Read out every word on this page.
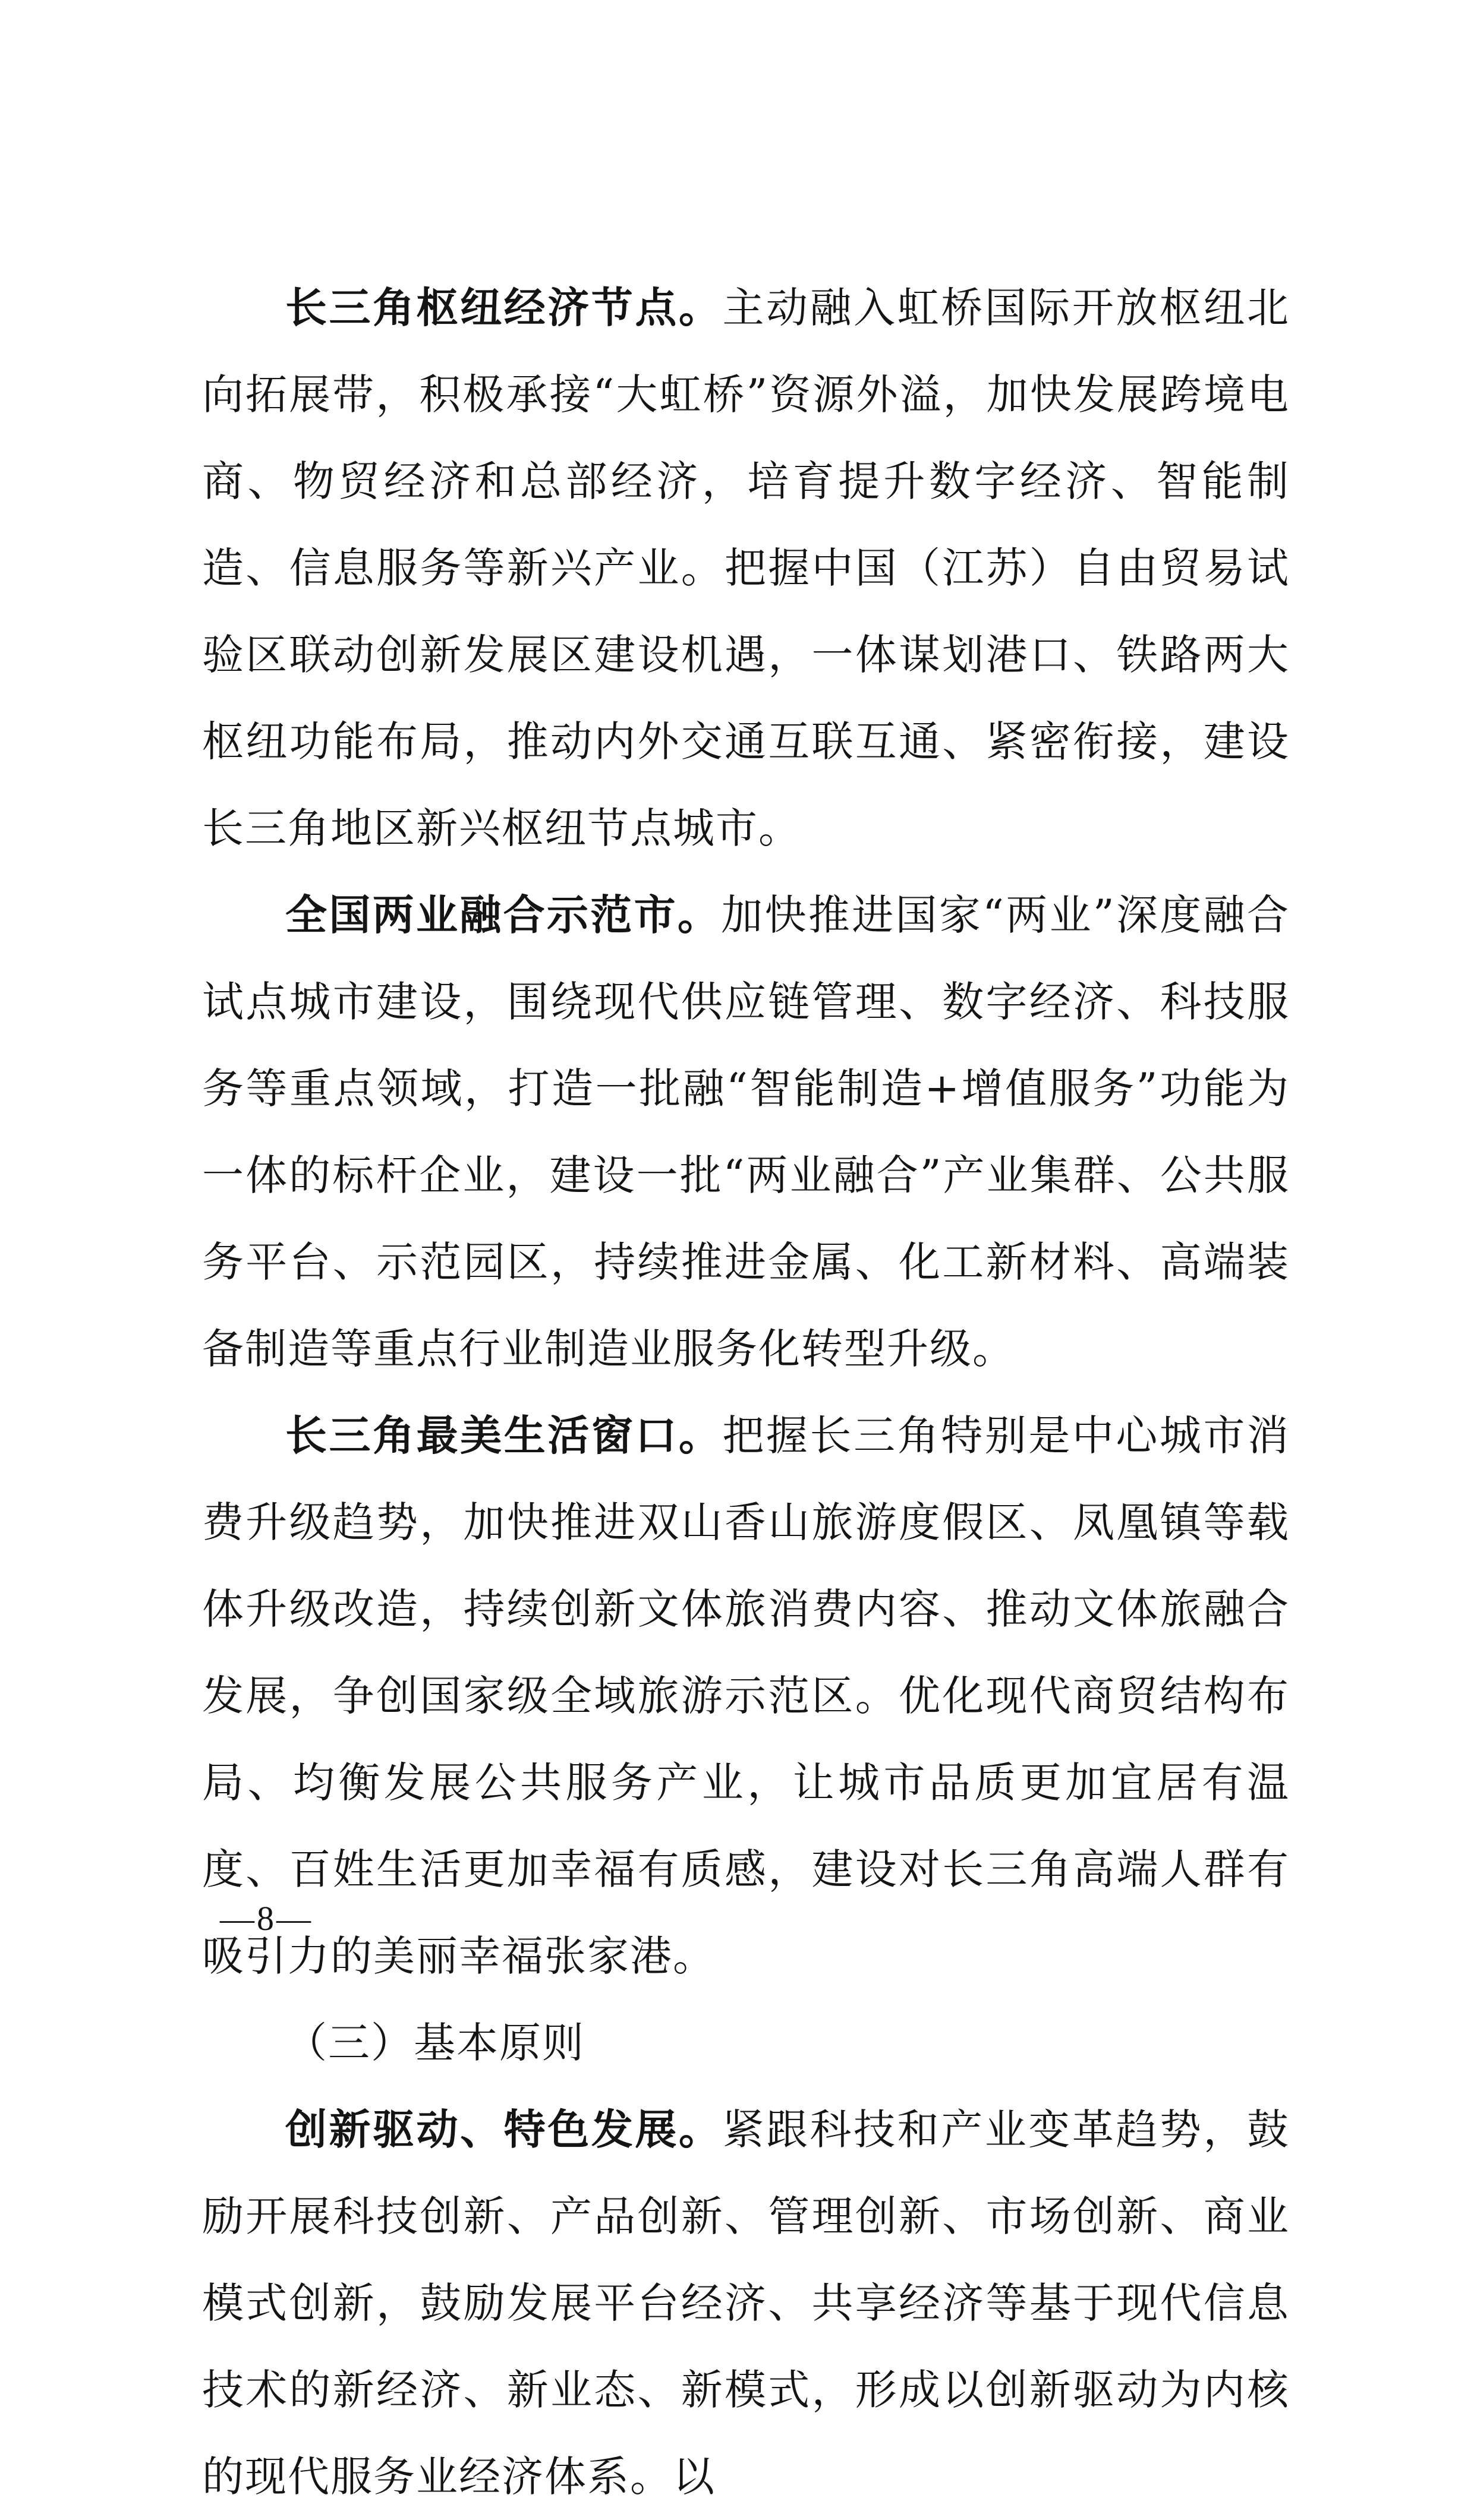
长三角枢纽经济节点。主动融入虹桥国际开放枢纽北向拓展带，积极承接“大虹桥”资源外溢，加快发展跨境电商、物贸经济和总部经济，培育提升数字经济、智能制造、信息服务等新兴产业。把握中国（江苏）自由贸易试验区联动创新发展区建设机遇，一体谋划港口、铁路两大枢纽功能布局，推动内外交通互联互通、紧密衔接，建设长三角地区新兴枢纽节点城市。

全国两业融合示范市。加快推进国家“两业”深度融合试点城市建设，围绕现代供应链管理、数字经济、科技服务等重点领域，打造一批融“智能制造+增值服务”功能为一体的标杆企业，建设一批“两业融合”产业集群、公共服务平台、示范园区，持续推进金属、化工新材料、高端装备制造等重点行业制造业服务化转型升级。

长三角最美生活窗口。把握长三角特别是中心城市消费升级趋势，加快推进双山香山旅游度假区、凤凰镇等载体升级改造，持续创新文体旅消费内容、推动文体旅融合发展，争创国家级全域旅游示范区。优化现代商贸结构布局、均衡发展公共服务产业，让城市品质更加宜居有温度、百姓生活更加幸福有质感，建设对长三角高端人群有吸引力的美丽幸福张家港。

（三）基本原则

创新驱动、特色发展。紧跟科技和产业变革趋势，鼓励开展科技创新、产品创新、管理创新、市场创新、商业模式创新，鼓励发展平台经济、共享经济等基于现代信息技术的新经济、新业态、新模式，形成以创新驱动为内核的现代服务业经济体系。以

—8—
